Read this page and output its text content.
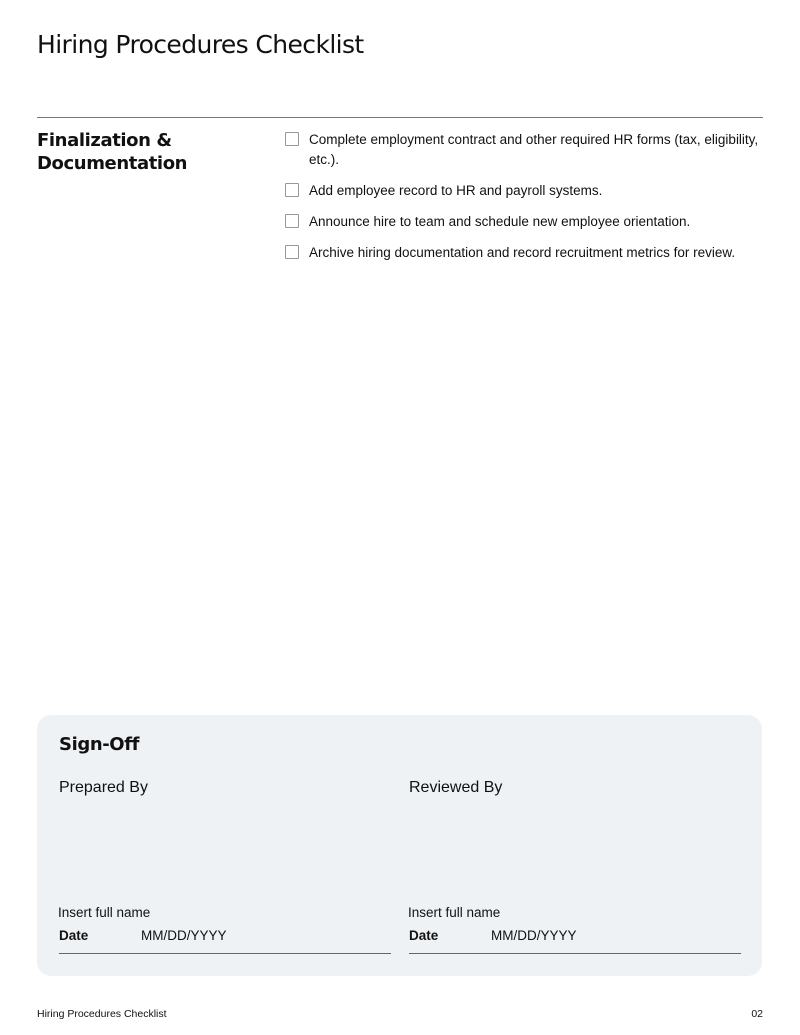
Hiring Procedures Checklist
Finalization & Documentation
Complete employment contract and other required HR forms (tax, eligibility, etc.).
Add employee record to HR and payroll systems.
Announce hire to team and schedule new employee orientation.
Archive hiring documentation and record recruitment metrics for review.
Sign-Off
Prepared By
Insert full name
Date	MM/DD/YYYY
Reviewed By
Insert full name
Date	MM/DD/YYYY
Hiring Procedures Checklist	02
